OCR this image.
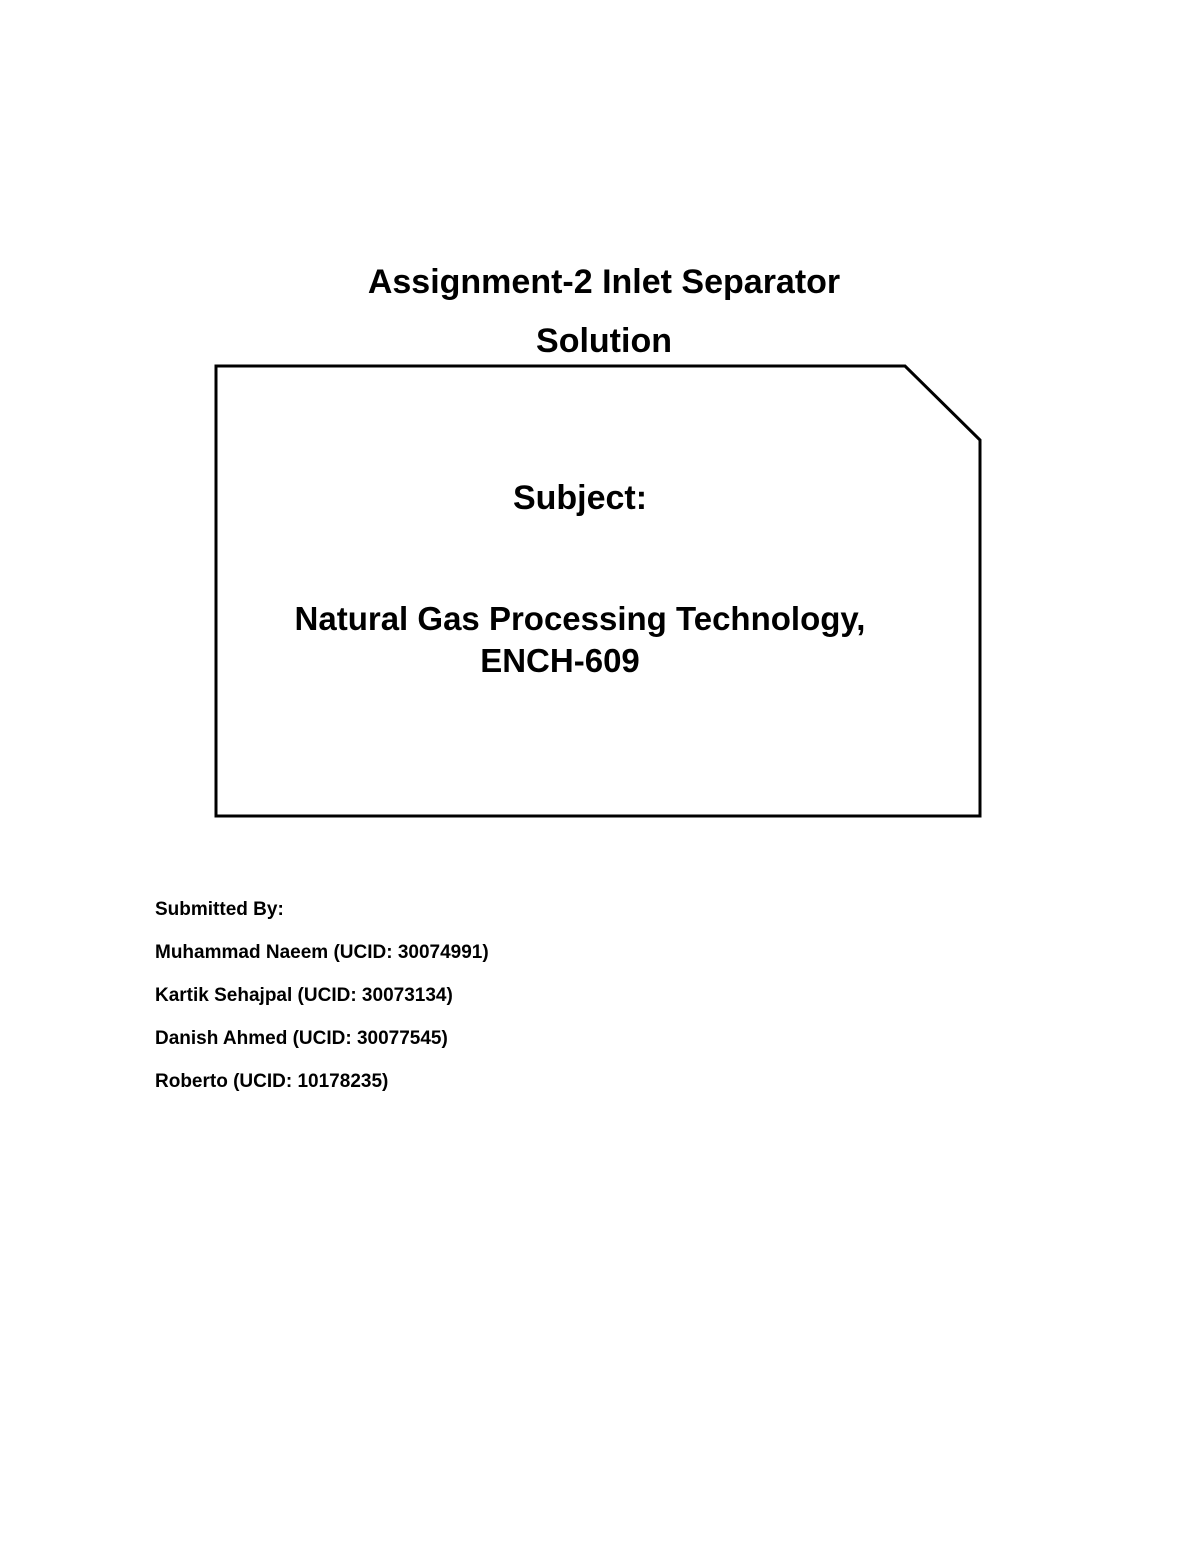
Assignment-2 Inlet Separator
Solution
Subject:
Natural Gas Processing Technology,
ENCH-609
Submitted By:
Muhammad Naeem (UCID: 30074991)
Kartik Sehajpal (UCID: 30073134)
Danish Ahmed (UCID: 30077545)
Roberto (UCID: 10178235)
